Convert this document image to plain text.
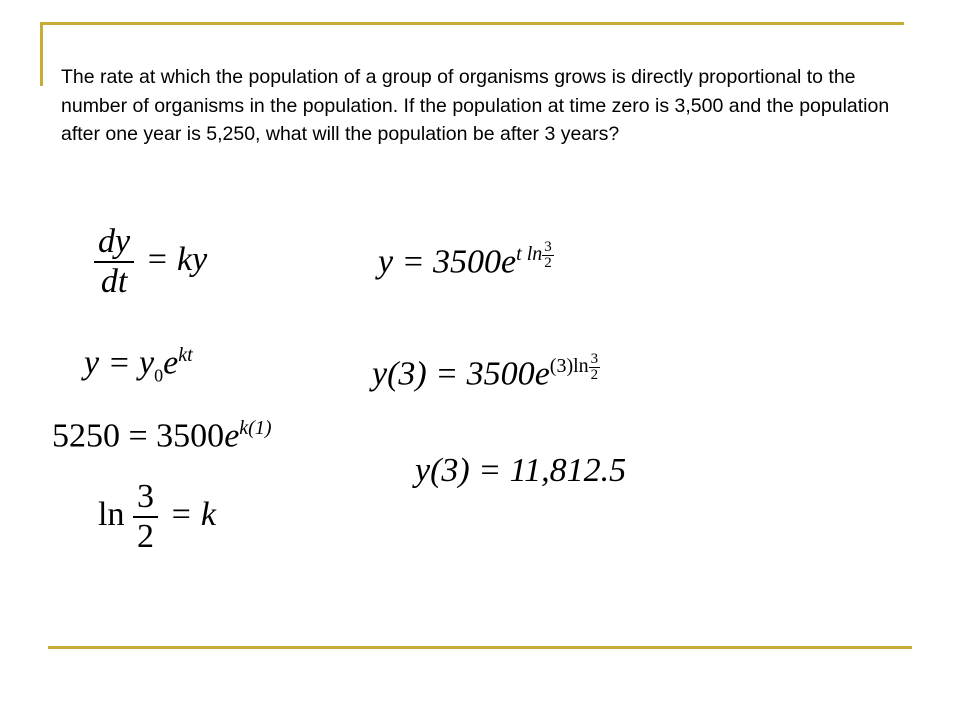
The rate at which the population of a group of organisms grows is directly proportional to the number of organisms in the population. If the population at time zero is 3,500 and the population after one year is 5,250, what will the population be after 3 years?
$\frac{dy}{dt}$ = ky
$y = y_0e^{kt}$
$5250 = 3500e^{k(1)}$
$\ln \frac{3}{2} = k$
$y = 3500e^{t ln \frac{3}{2}}$
$y(3) = 3500e^{(3)ln \frac{3}{2}}$
y(3) = 11,812.5
